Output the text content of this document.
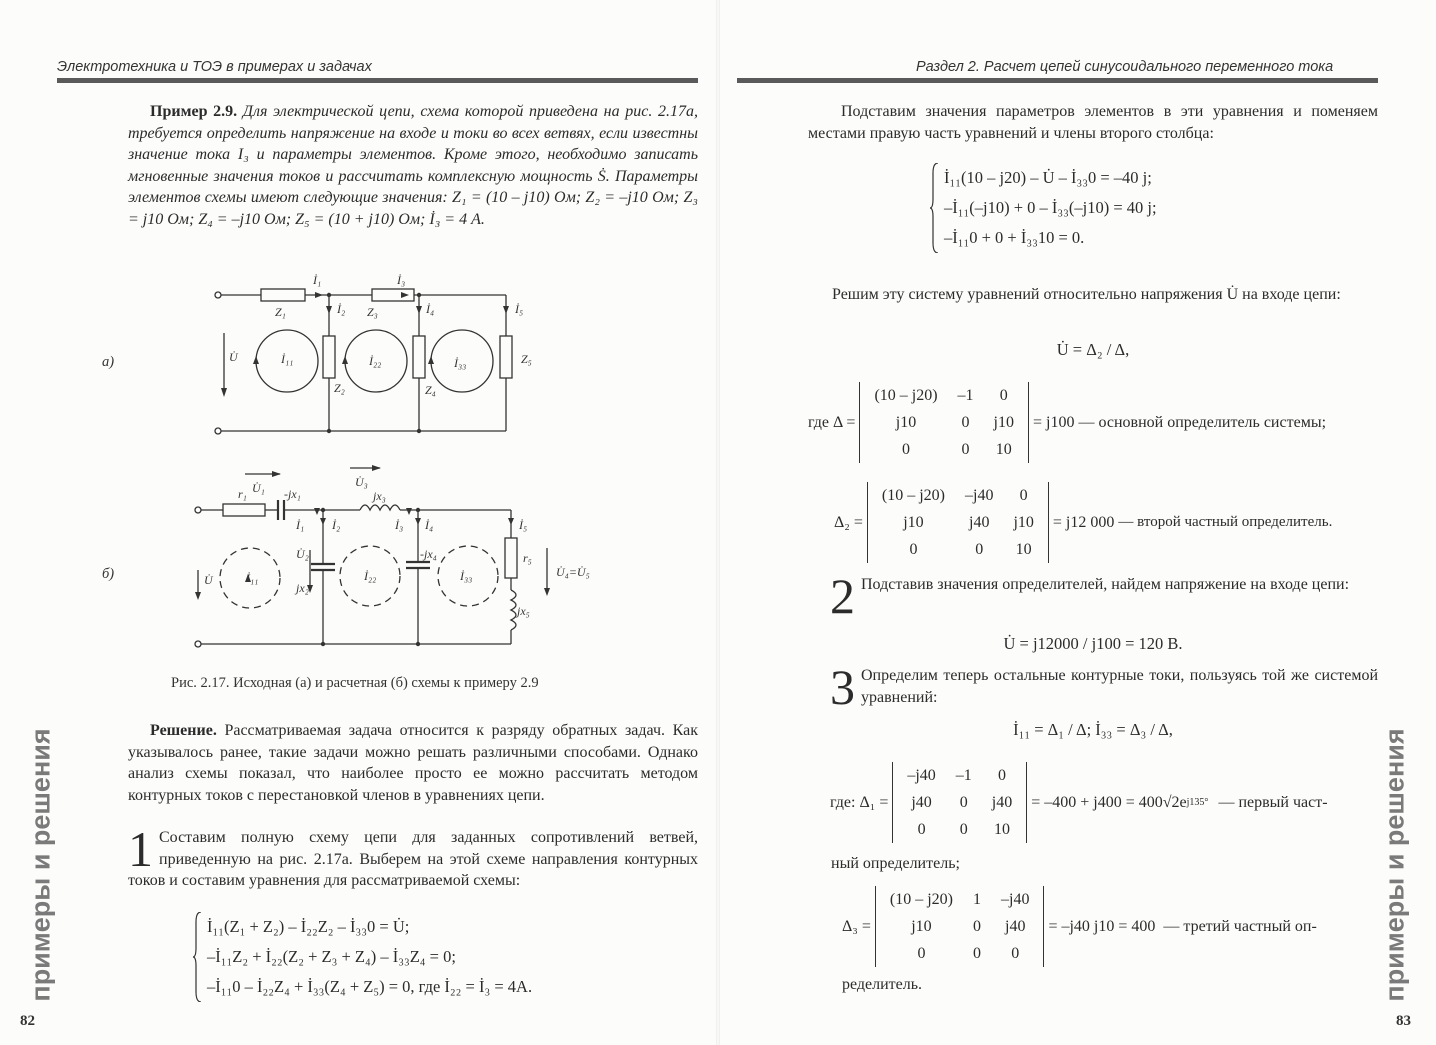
Электротехника и ТОЭ в примерах и задачах

Пример 2.9. Для электрической цепи, схема которой приведена на рис. 2.17а, требуется определить напряжение на входе и токи во всех ветвях, если известны значение тока I₃ и параметры элементов. Кроме этого, необходимо записать мгновенные значения токов и рассчитать комплексную мощность Ṡ. Параметры элементов схемы имеют следующие значения: Z₁ = (10 – j10) Ом; Z₂ = –j10 Ом; Z₃ = j10 Ом; Z₄ = –j10 Ом; Z₅ = (10 + j10) Ом; İ₃ = 4 А.

а)
б)
İ₁	İ₃
Z₁	İ₂ Z₃	İ₄	İ₅
U̇	İ₁₁	İ₂₂	İ₃₃	Z₅
Z₂	Z₄
U̇₁	U̇₃
r₁	-jx₁	jx₃
İ₁ İ₂	İ₃ İ₄	İ₅
U̇₂	-jx₄	r₅
U̇₄=U̇₅
U̇	İ₁₁	İ₂₂	İ₃₃
jx₂
jx₅
Рис. 2.17. Исходная (а) и расчетная (б) схемы к примеру 2.9

Решение. Рассматриваемая задача относится к разряду обратных задач. Как указывалось ранее, такие задачи можно решать различными способами. Однако анализ схемы показал, что наиболее просто ее можно рассчитать методом контурных токов с перестановкой членов в уравнениях цепи.

1 Составим полную схему цепи для заданных сопротивлений ветвей, приведенную на рис. 2.17а. Выберем на этой схеме направления контурных токов и составим уравнения для рассматриваемой схемы:

İ₁₁(Z₁ + Z₂) – İ₂₂Z₂ – İ₃₃0 = U̇;
–İ₁₁Z₂ + İ₂₂(Z₂ + Z₃ + Z₄) – İ₃₃Z₄ = 0;
–İ₁₁0 – İ₂₂Z₄ + İ₃₃(Z₄ + Z₅) = 0, где İ₂₂ = İ₃ = 4А.
примеры и решения
82
Раздел 2. Расчет цепей синусоидального переменного тока

Подставим значения параметров элементов в эти уравнения и поменяем местами правую часть уравнений и члены второго столбца:

İ₁₁(10 – j20) – U̇ – İ₃₃0 = –40 j;
–İ₁₁(–j10) + 0 – İ₃₃(–j10) = 40 j;
–İ₁₁0 + 0 + İ₃₃10 = 0.

Решим эту систему уравнений относительно напряжения U̇ на входе цепи:

U̇ = Δ₂ / Δ,
где Δ =
(10 – j20)	–1	0
j10	0	j10
0	0	10
= j100 — основной определитель системы;
Δ₂ =
(10 – j20)	–j40	0
j10	j40	j10
0	0	10
= j12 000 — второй частный определитель.

2 Подставив значения определителей, найдем напряжение на входе цепи:

U̇ = j12000 / j100 = 120 В.

3 Определим теперь остальные контурные токи, пользуясь той же системой уравнений:

İ₁₁ = Δ₁ / Δ; İ₃₃ = Δ₃ / Δ,
где: Δ₁ =
–j40	–1	0
j40	0	j40
0	0	10
= –400 + j400 = 400√2e j135° — первый част-
ный определитель;
Δ₃ =
(10 – j20)	1	–j40
j10	0	j40
0	0	0
= –j40 j10 = 400 — третий частный оп-
ределитель.	примеры и решения
83
